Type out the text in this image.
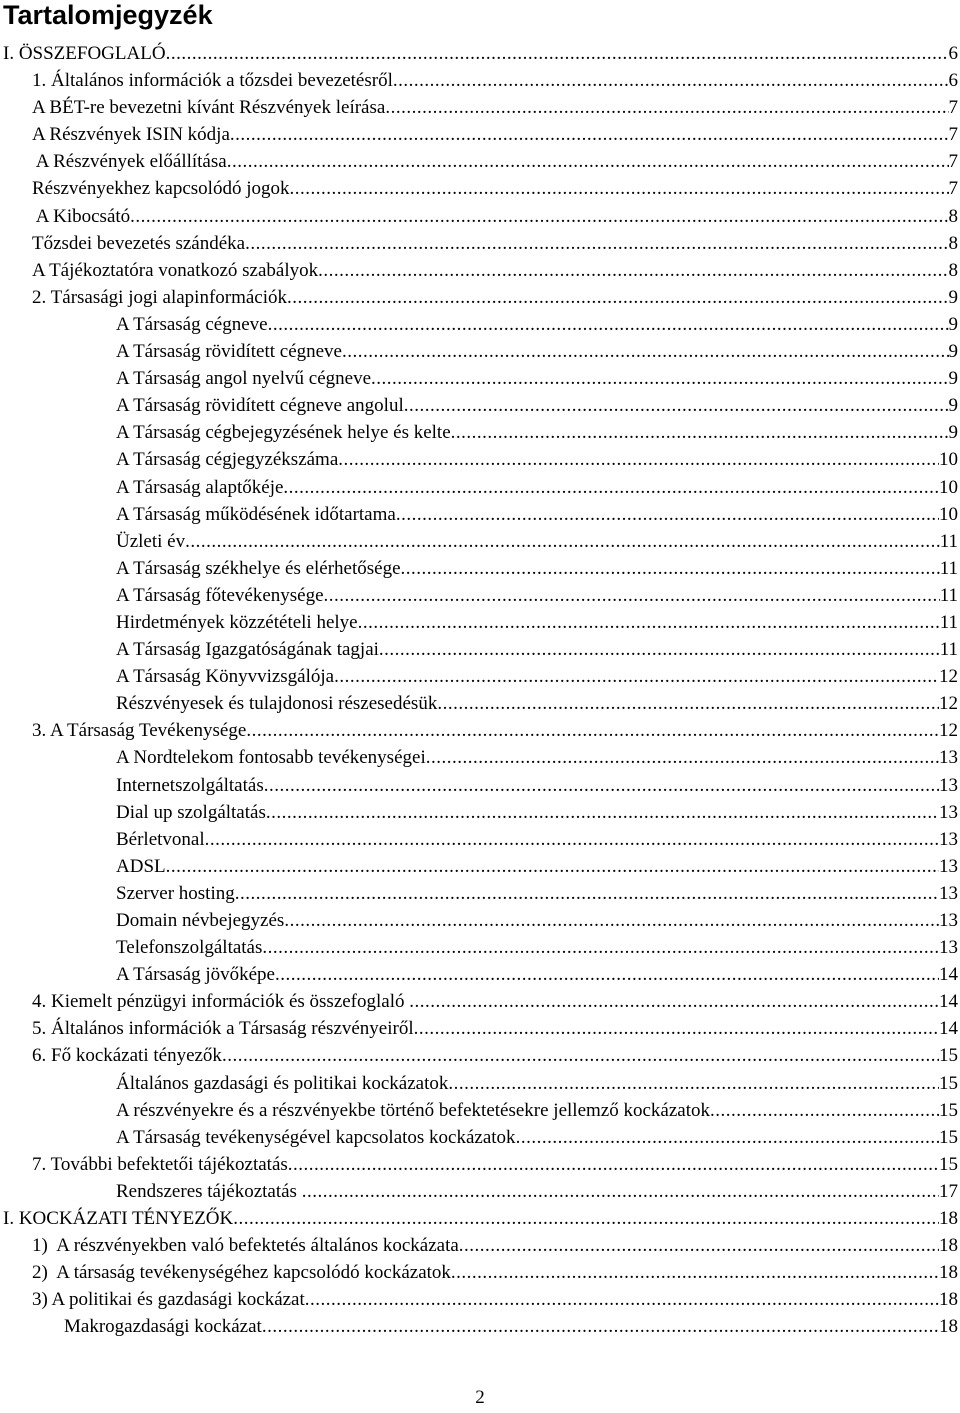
Tartalomjegyzék
I. ÖSSZEFOGLALÓ .....	6
1. Általános információk a tőzsdei bevezetésről .....	6
A BÉT-re bevezetni kívánt Részvények leírása .....	7
A Részvények ISIN kódja .....	7
A Részvények előállítása .....	7
Részvényekhez kapcsolódó jogok .....	7
A Kibocsátó .....	8
Tőzsdei bevezetés szándéka .....	8
A Tájékoztatóra vonatkozó szabályok .....	8
2. Társasági jogi alapinformációk .....	9
A Társaság cégneve .....	9
A Társaság rövidített cégneve .....	9
A Társaság angol nyelvű cégneve .....	9
A Társaság rövidített cégneve angolul .....	9
A Társaság cégbejegyzésének helye és kelte .....	9
A Társaság cégjegyzékszáma .....	10
A Társaság alaptőkéje .....	10
A Társaság működésének időtartama .....	10
Üzleti év .....	11
A Társaság székhelye és elérhetősége .....	11
A Társaság főtevékenysége .....	11
Hirdetmények közzétételi helye .....	11
A Társaság Igazgatóságának tagjai .....	11
A Társaság Könyvvizsgálója .....	12
Részvényesek és tulajdonosi részesedésük .....	12
3. A Társaság Tevékenysége .....	12
A Nordtelekom fontosabb tevékenységei .....	13
Internetszolgáltatás .....	13
Dial up szolgáltatás .....	13
Bérletvonal .....	13
ADSL .....	13
Szerver hosting .....	13
Domain névbejegyzés .....	13
Telefonszolgáltatás .....	13
A Társaság jövőképe .....	14
4. Kiemelt pénzügyi információk és összefoglaló .....	14
5. Általános információk a Társaság részvényeiről .....	14
6. Fő kockázati tényezők .....	15
Általános gazdasági és politikai kockázatok .....	15
A részvényekre és a részvényekbe történő befektetésekre jellemző kockázatok .....	15
A Társaság tevékenységével kapcsolatos kockázatok .....	15
7. További befektetői tájékoztatás .....	15
Rendszeres tájékoztatás .....	17
I. KOCKÁZATI TÉNYEZŐK .....	18
1)  A részvényekben való befektetés általános kockázata .....	18
2)  A társaság tevékenységéhez kapcsolódó kockázatok .....	18
3) A politikai és gazdasági kockázat .....	18
Makrogazdasági kockázat .....	18
2
